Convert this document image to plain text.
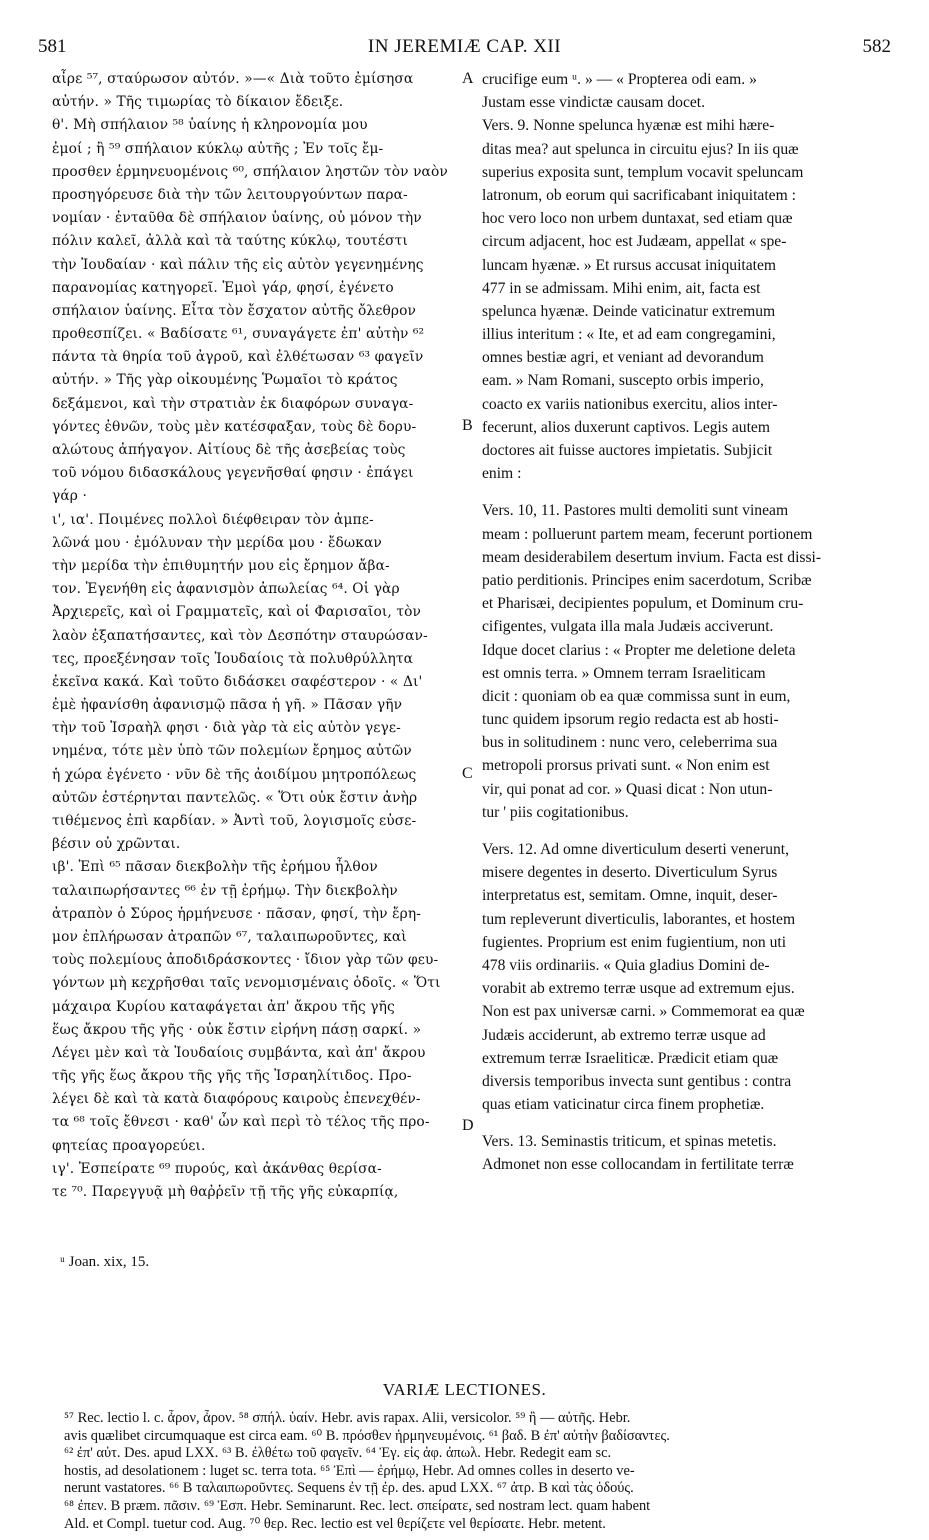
581	IN JEREMIÆ CAP. XII	582
αἶρε ⁵⁷, σταύρωσον αὐτόν. »—« Διὰ τοῦτο ἐμίσησα
αὐτήν. » Τῆς τιμωρίας τὸ δίκαιον ἔδειξε.
θ'. Μὴ σπήλαιον ⁵⁸ ὑαίνης ἡ κληρονομία μου
ἐμοί ; ἢ ⁵⁹ σπήλαιον κύκλῳ αὐτῆς ; Ἐν τοῖς ἔμ-
προσθεν ἑρμηνευομένοις ⁶⁰, σπήλαιον ληστῶν τὸν ναὸν
προσηγόρευσε διὰ τὴν τῶν λειτουργούντων παρα-
νομίαν · ἐνταῦθα δὲ σπήλαιον ὑαίνης, οὐ μόνον τὴν
πόλιν καλεῖ, ἀλλὰ καὶ τὰ ταύτης κύκλῳ, τουτέστι
τὴν Ἰουδαίαν · καὶ πάλιν τῆς εἰς αὐτὸν γεγενημένης
παρανομίας κατηγορεῖ. Ἐμοὶ γάρ, φησί, ἐγένετο
σπήλαιον ὑαίνης. Εἶτα τὸν ἔσχατον αὐτῆς ὄλεθρον
προθεσπίζει. « Βαδίσατε ⁶¹, συναγάγετε ἐπ' αὐτὴν ⁶²
πάντα τὰ θηρία τοῦ ἀγροῦ, καὶ ἐλθέτωσαν ⁶³ φαγεῖν
αὐτήν. » Τῆς γὰρ οἰκουμένης Ῥωμαῖοι τὸ κράτος
δεξάμενοι, καὶ τὴν στρατιὰν ἐκ διαφόρων συναγα-
γόντες ἐθνῶν, τοὺς μὲν κατέσφαξαν, τοὺς δὲ δορυ-
αλώτους ἀπήγαγον. Αἰτίους δὲ τῆς ἀσεβείας τοὺς
τοῦ νόμου διδασκάλους γεγενῆσθαί φησιν · ἐπάγει
γάρ ·
ι', ια'. Ποιμένες πολλοὶ διέφθειραν τὸν ἀμπε-
λῶνά μου · ἐμόλυναν τὴν μερίδα μου · ἔδωκαν
τὴν μερίδα τὴν ἐπιθυμητήν μου εἰς ἔρημον ἄβα-
τον. Ἐγενήθη εἰς ἀφανισμὸν ἀπωλείας ⁶⁴. Οἱ γὰρ
Ἀρχιερεῖς, καὶ οἱ Γραμματεῖς, καὶ οἱ Φαρισαῖοι, τὸν
λαὸν ἐξαπατήσαντες, καὶ τὸν Δεσπότην σταυρώσαν-
τες, προεξένησαν τοῖς Ἰουδαίοις τὰ πολυθρύλλητα
ἐκεῖνα κακά. Καὶ τοῦτο διδάσκει σαφέστερον · « Δι'
ἐμὲ ἠφανίσθη ἀφανισμῷ πᾶσα ἡ γῆ. » Πᾶσαν γῆν
τὴν τοῦ Ἰσραὴλ φησι · διὰ γὰρ τὰ εἰς αὐτὸν γεγε-
νημένα, τότε μὲν ὑπὸ τῶν πολεμίων ἔρημος αὐτῶν
ἡ χώρα ἐγένετο · νῦν δὲ τῆς ἀοιδίμου μητροπόλεως
αὐτῶν ἐστέρηνται παντελῶς. « Ὅτι οὐκ ἔστιν ἀνὴρ
τιθέμενος ἐπὶ καρδίαν. » Ἀντὶ τοῦ, λογισμοῖς εὐσε-
βέσιν οὐ χρῶνται.
ιβ'. Ἐπὶ ⁶⁵ πᾶσαν διεκβολὴν τῆς ἐρήμου ἦλθον
ταλαιπωρήσαντες ⁶⁶ ἐν τῇ ἐρήμῳ. Τὴν διεκβολὴν
ἀτραπὸν ὁ Σύρος ἡρμήνευσε · πᾶσαν, φησί, τὴν ἔρη-
μον ἐπλήρωσαν ἀτραπῶν ⁶⁷, ταλαιπωροῦντες, καὶ
τοὺς πολεμίους ἀποδιδράσκοντες · ἴδιον γὰρ τῶν φευ-
γόντων μὴ κεχρῆσθαι ταῖς νενομισμέναις ὁδοῖς. « Ὅτι
μάχαιρα Κυρίου καταφάγεται ἀπ' ἄκρου τῆς γῆς
ἕως ἄκρου τῆς γῆς · οὐκ ἔστιν εἰρήνη πάσῃ σαρκί. »
Λέγει μὲν καὶ τὰ Ἰουδαίοις συμβάντα, καὶ ἀπ' ἄκρου
τῆς γῆς ἕως ἄκρου τῆς γῆς τῆς Ἰσραηλίτιδος. Προ-
λέγει δὲ καὶ τὰ κατὰ διαφόρους καιροὺς ἐπενεχθέν-
τα ⁶⁸ τοῖς ἔθνεσι · καθ' ὧν καὶ περὶ τὸ τέλος τῆς προ-
φητείας προαγορεύει.
ιγ'. Ἐσπείρατε ⁶⁹ πυρούς, καὶ ἀκάνθας θερίσα-
τε ⁷⁰. Παρεγγυᾷ μὴ θαῤῥεῖν τῇ τῆς γῆς εὐκαρπίᾳ,
crucifige eum ᵘ. » — « Propterea odi eam. »
Justam esse vindictæ causam docet.
Vers. 9. Nonne spelunca hyænæ est mihi hære-
ditas mea? aut spelunca in circuitu ejus? In iis quæ
superius exposita sunt, templum vocavit speluncam
latronum, ob eorum qui sacrificabant iniquitatem :
hoc vero loco non urbem duntaxat, sed etiam quæ
circum adjacent, hoc est Judæam, appellat « spe-
luncam hyænæ. » Et rursus accusat iniquitatem
477 in se admissam. Mihi enim, ait, facta est
spelunca hyænæ. Deinde vaticinatur extremum
illius interitum : « Ite, et ad eam congregamini,
omnes bestiæ agri, et veniant ad devorandum
eam. » Nam Romani, suscepto orbis imperio,
coacto ex variis nationibus exercitu, alios inter-
fecerunt, alios duxerunt captivos. Legis autem
doctores ait fuisse auctores impietatis. Subjicit
enim :
Vers. 10, 11. Pastores multi demoliti sunt vineam
meam : polluerunt partem meam, fecerunt portionem
meam desiderabilem desertum invium. Facta est dissi-
patio perditionis. Principes enim sacerdotum, Scribæ
et Pharisæi, decipientes populum, et Dominum cru-
cifigentes, vulgata illa mala Judæis acciverunt.
Idque docet clarius : « Propter me deletione deleta
est omnis terra. » Omnem terram Israeliticam
dicit : quoniam ob ea quæ commissa sunt in eum,
tunc quidem ipsorum regio redacta est ab hosti-
bus in solitudinem : nunc vero, celeberrima sua
metropoli prorsus privati sunt. « Non enim est
vir, qui ponat ad cor. » Quasi dicat : Non utun-
tur ' piis cogitationibus.
Vers. 12. Ad omne diverticulum deserti venerunt,
misere degentes in deserto. Diverticulum Syrus
interpretatus est, semitam. Omne, inquit, deser-
tum repleverunt diverticulis, laborantes, et hostem
fugientes. Proprium est enim fugientium, non uti
478 viis ordinariis. « Quia gladius Domini de-
vorabit ab extremo terræ usque ad extremum ejus.
Non est pax universæ carni. » Commemorat ea quæ
Judæis acciderunt, ab extremo terræ usque ad
extremum terræ Israeliticæ. Prædicit etiam quæ
diversis temporibus invecta sunt gentibus : contra
quas etiam vaticinatur circa finem prophetiæ.
Vers. 13. Seminastis triticum, et spinas metetis.
Admonet non esse collocandam in fertilitate terræ
A
B
C
D
ᵘ Joan. xix, 15.
VARIÆ LECTIONES.
⁵⁷ Rec. lectio l. c. ἆρον, ἆρον. ⁵⁸ σπήλ. ὑαίν. Hebr. avis rapax. Alii, versicolor. ⁵⁹ ἢ — αὐτῆς. Hebr.
avis quælibet circumquaque est circa eam. ⁶⁰ B. πρόσθεν ἡρμηνευμένοις. ⁶¹ βαδ. B ἐπ' αὐτὴν βαδίσαντες.
⁶² ἐπ' αὐτ. Des. apud LXX. ⁶³ B. ἐλθέτω τοῦ φαγεῖν. ⁶⁴ Ἐγ. εἰς ἀφ. ἀπωλ. Hebr. Redegit eam sc.
hostis, ad desolationem : luget sc. terra tota. ⁶⁵ Ἐπὶ — ἐρήμῳ, Hebr. Ad omnes colles in deserto ve-
nerunt vastatores. ⁶⁶ B ταλαιπωροῦντες. Sequens ἐν τῇ ἐρ. des. apud LXX. ⁶⁷ ἀτρ. B καὶ τὰς ὁδούς.
⁶⁸ ἐπεν. B præm. πᾶσιν. ⁶⁹ Ἐσπ. Hebr. Seminarunt. Rec. lect. σπείρατε, sed nostram lect. quam habent
Ald. et Compl. tuetur cod. Aug. ⁷⁰ θερ. Rec. lectio est vel θερίζετε vel θερίσατε. Hebr. metent.
